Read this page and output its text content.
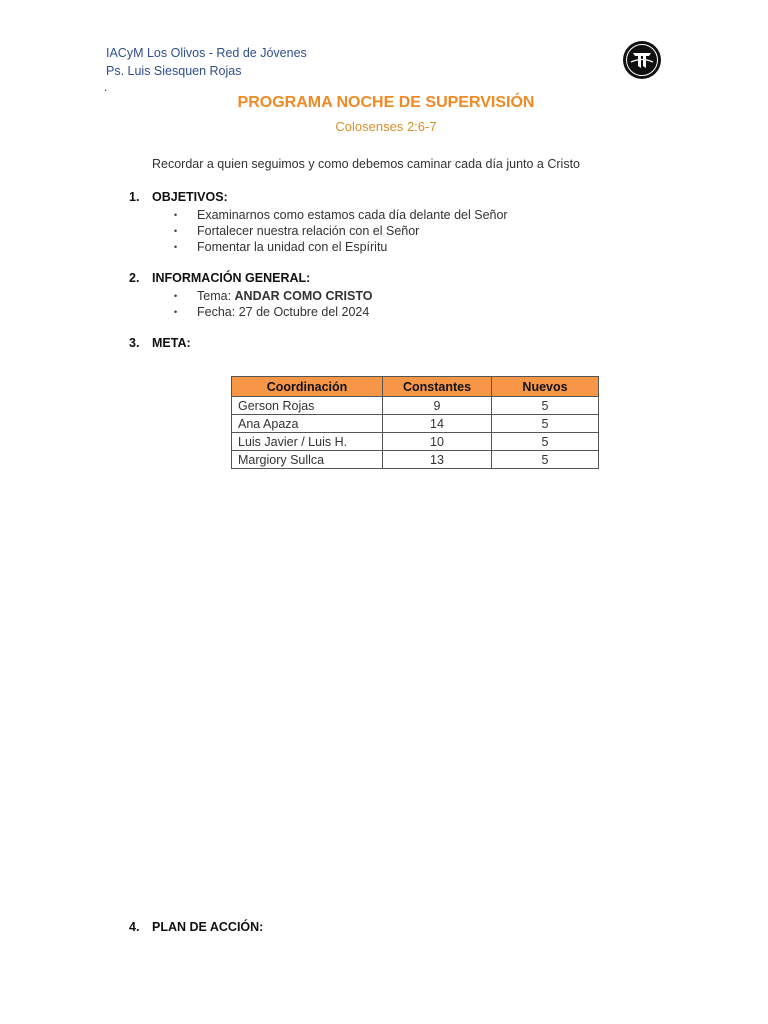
IACyM Los Olivos - Red de Jóvenes
Ps. Luis Siesquen Rojas
.
PROGRAMA NOCHE DE SUPERVISIÓN
Colosenses 2:6-7
Recordar a quien seguimos y como debemos caminar cada día junto a Cristo
1. OBJETIVOS:
• Examinarnos como estamos cada día delante del Señor
• Fortalecer nuestra relación con el Señor
• Fomentar la unidad con el Espíritu
2. INFORMACIÓN GENERAL:
• Tema: ANDAR COMO CRISTO
• Fecha: 27 de Octubre del 2024
3. META:
Coordinación	Constantes	Nuevos
Gerson Rojas	9	5
Ana Apaza	14	5
Luis Javier / Luis H.	10	5
Margiory Sullca	13	5
4. PLAN DE ACCIÓN:
